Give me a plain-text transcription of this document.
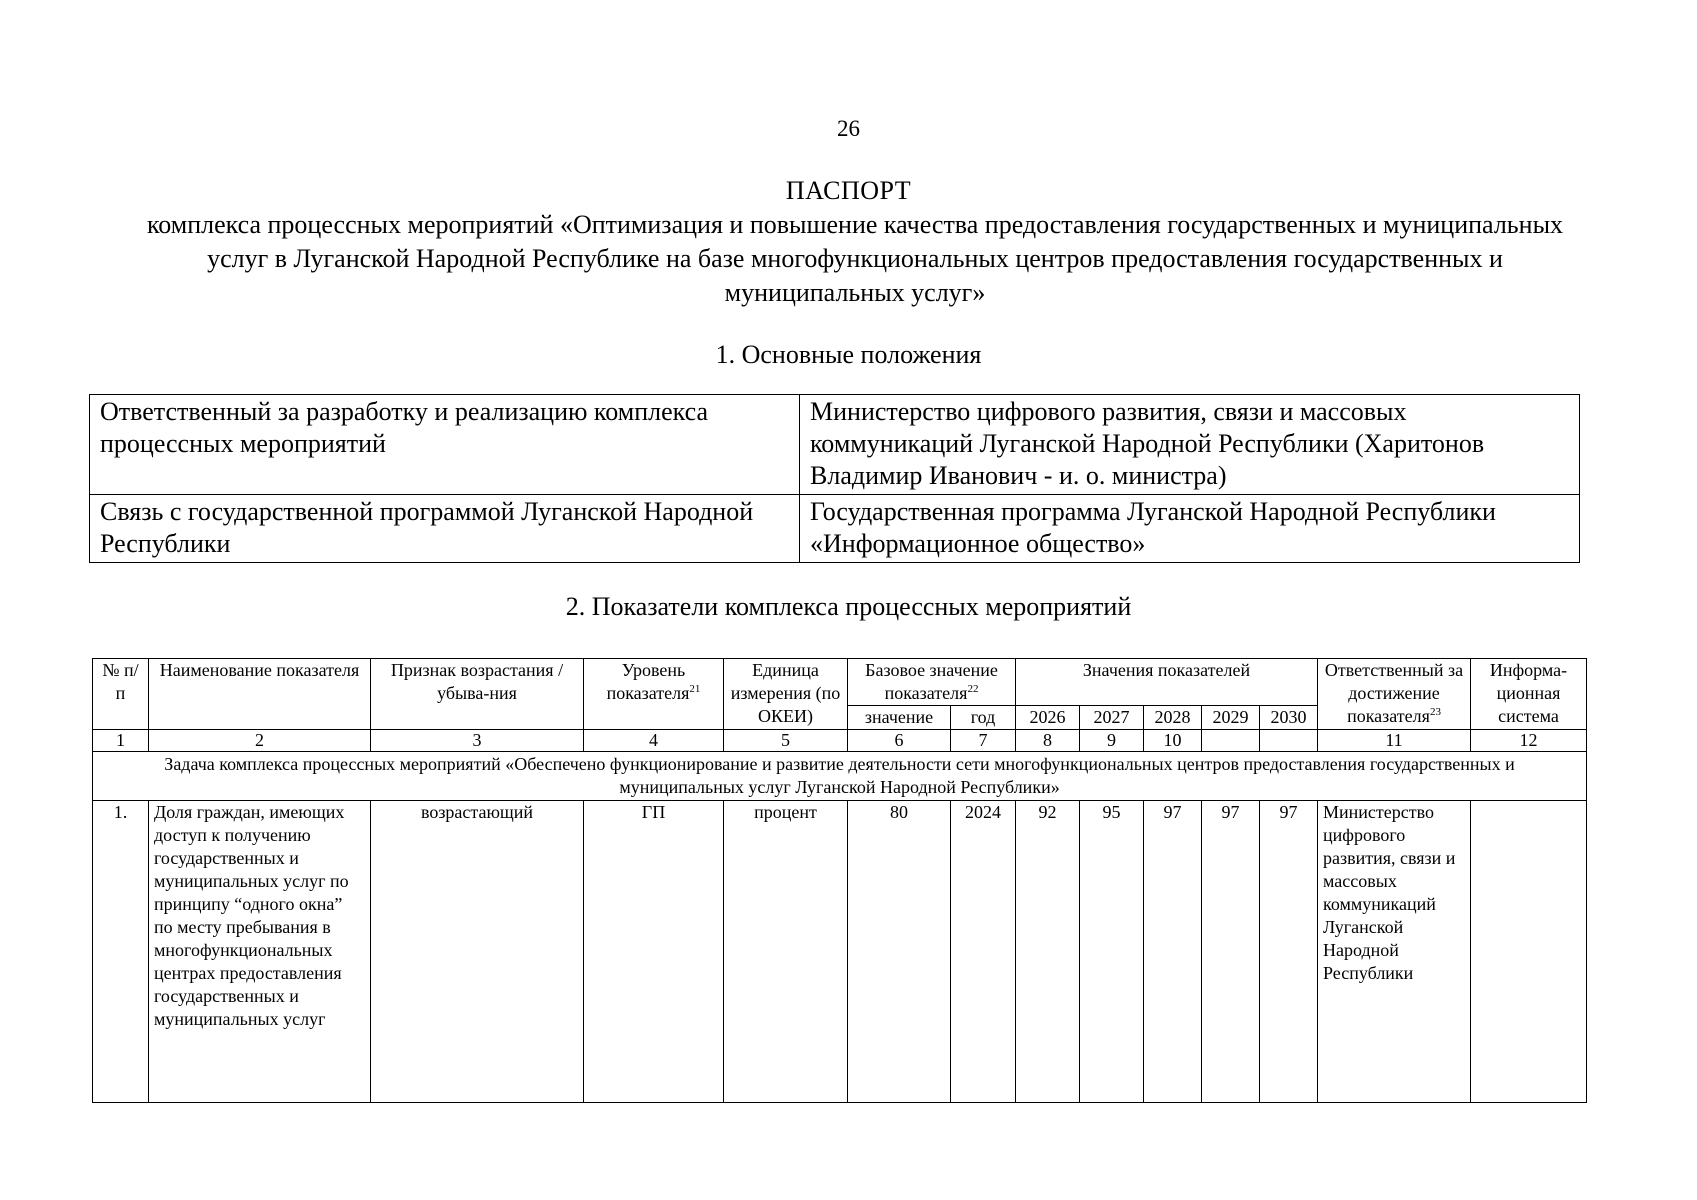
26
ПАСПОРТ
комплекса процессных мероприятий «Оптимизация и повышение качества предоставления государственных и муниципальных услуг в Луганской Народной Республике на базе многофункциональных центров предоставления государственных и муниципальных услуг»
1. Основные положения
Ответственный за разработку и реализацию комплекса процессных мероприятий	Министерство цифрового развития, связи и массовых коммуникаций Луганской Народной Республики (Харитонов Владимир Иванович - и. о. министра)
Связь с государственной программой Луганской Народной Республики	Государственная программа Луганской Народной Республики «Информационное общество»
2. Показатели комплекса процессных мероприятий
№ п/п	Наименование показателя	Признак возрастания / убыва-ния	Уровень показателя$^{21}$	Единица измерения (по ОКЕИ)	Базовое значение показателя$^{22}$		Значения показателей					Ответственный за достижение показателя$^{23}$	Информа-ционная система
					значение	год	2026	2027	2028	2029	2030		
1	2	3	4	5	6	7	8	9	10			11	12
Задача комплекса процессных мероприятий «Обеспечено функционирование и развитие деятельности сети многофункциональных центров предоставления государственных и муниципальных услуг Луганской Народной Республики»													
1.	Доля граждан, имеющих доступ к получению государственных и муниципальных услуг по принципу “одного окна” по месту пребывания в многофункциональных центрах предоставления государственных и муниципальных услуг	возрастающий	ГП	процент	80	2024	92	95	97	97	97	Министерство цифрового развития, связи и массовых коммуникаций Луганской Народной Республики	
